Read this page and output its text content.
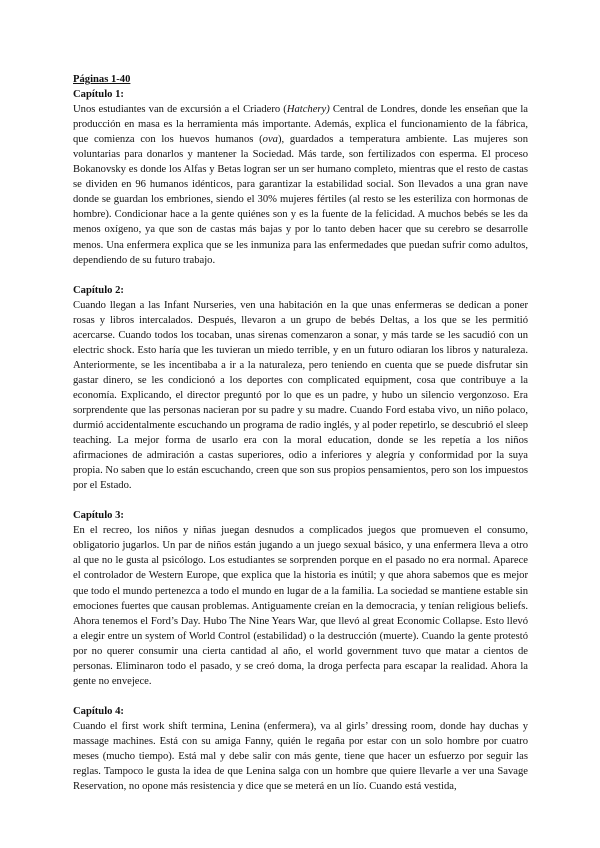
Páginas 1-40

Capítulo 1:

Unos estudiantes van de excursión a el Criadero (Hatchery) Central de Londres, donde les enseñan que la producción en masa es la herramienta más importante. Además, explica el funcionamiento de la fábrica, que comienza con los huevos humanos (ova), guardados a temperatura ambiente. Las mujeres son voluntarias para donarlos y mantener la Sociedad. Más tarde, son fertilizados con esperma. El proceso Bokanovsky es donde los Alfas y Betas logran ser un ser humano completo, mientras que el resto de castas se dividen en 96 humanos idénticos, para garantizar la estabilidad social. Son llevados a una gran nave donde se guardan los embriones, siendo el 30% mujeres fértiles (al resto se les esteriliza con hormonas de hombre). Condicionar hace a la gente quiénes son y es la fuente de la felicidad. A muchos bebés se les da menos oxígeno, ya que son de castas más bajas y por lo tanto deben hacer que su cerebro se desarrolle menos. Una enfermera explica que se les inmuniza para las enfermedades que puedan sufrir como adultos, dependiendo de su futuro trabajo.

Capítulo 2:

Cuando llegan a las Infant Nurseries, ven una habitación en la que unas enfermeras se dedican a poner rosas y libros intercalados. Después, llevaron a un grupo de bebés Deltas, a los que se les permitió acercarse. Cuando todos los tocaban, unas sirenas comenzaron a sonar, y más tarde se les sacudió con un electric shock. Esto haría que les tuvieran un miedo terrible, y en un futuro odiaran los libros y naturaleza. Anteriormente, se les incentibaba a ir a la naturaleza, pero teniendo en cuenta que se puede disfrutar sin gastar dinero, se les condicionó a los deportes con complicated equipment, cosa que contribuye a la economía. Explicando, el director preguntó por lo que es un padre, y hubo un silencio vergonzoso. Era sorprendente que las personas nacieran por su padre y su madre. Cuando Ford estaba vivo, un niño polaco, durmió accidentalmente escuchando un programa de radio inglés, y al poder repetirlo, se descubrió el sleep teaching. La mejor forma de usarlo era con la moral education, donde se les repetía a los niños afirmaciones de admiración a castas superiores, odio a inferiores y alegría y conformidad por la suya propia. No saben que lo están escuchando, creen que son sus propios pensamientos, pero son los impuestos por el Estado.

Capítulo 3:

En el recreo, los niños y niñas juegan desnudos a complicados juegos que promueven el consumo, obligatorio jugarlos. Un par de niños están jugando a un juego sexual básico, y una enfermera lleva a otro al que no le gusta al psicólogo. Los estudiantes se sorprenden porque en el pasado no era normal. Aparece el controlador de Western Europe, que explica que la historia es inútil; y que ahora sabemos que es mejor que todo el mundo pertenezca a todo el mundo en lugar de a la familia. La sociedad se mantiene estable sin emociones fuertes que causan problemas. Antiguamente creían en la democracia, y tenían religious beliefs. Ahora tenemos el Ford’s Day. Hubo The Nine Years War, que llevó al great Economic Collapse. Esto llevó a elegir entre un system of World Control (estabilidad) o la destrucción (muerte). Cuando la gente protestó por no querer consumir una cierta cantidad al año, el world government tuvo que matar a cientos de personas. Eliminaron todo el pasado, y se creó doma, la droga perfecta para escapar la realidad. Ahora la gente no envejece.

Capítulo 4:

Cuando el first work shift termina, Lenina (enfermera), va al girls’ dressing room, donde hay duchas y massage machines. Está con su amiga Fanny, quién le regaña por estar con un solo hombre por cuatro meses (mucho tiempo). Está mal y debe salir con más gente, tiene que hacer un esfuerzo por seguir las reglas. Tampoco le gusta la idea de que Lenina salga con un hombre que quiere llevarle a ver una Savage Reservation, no opone más resistencia y dice que se meterá en un lío. Cuando está vestida,
